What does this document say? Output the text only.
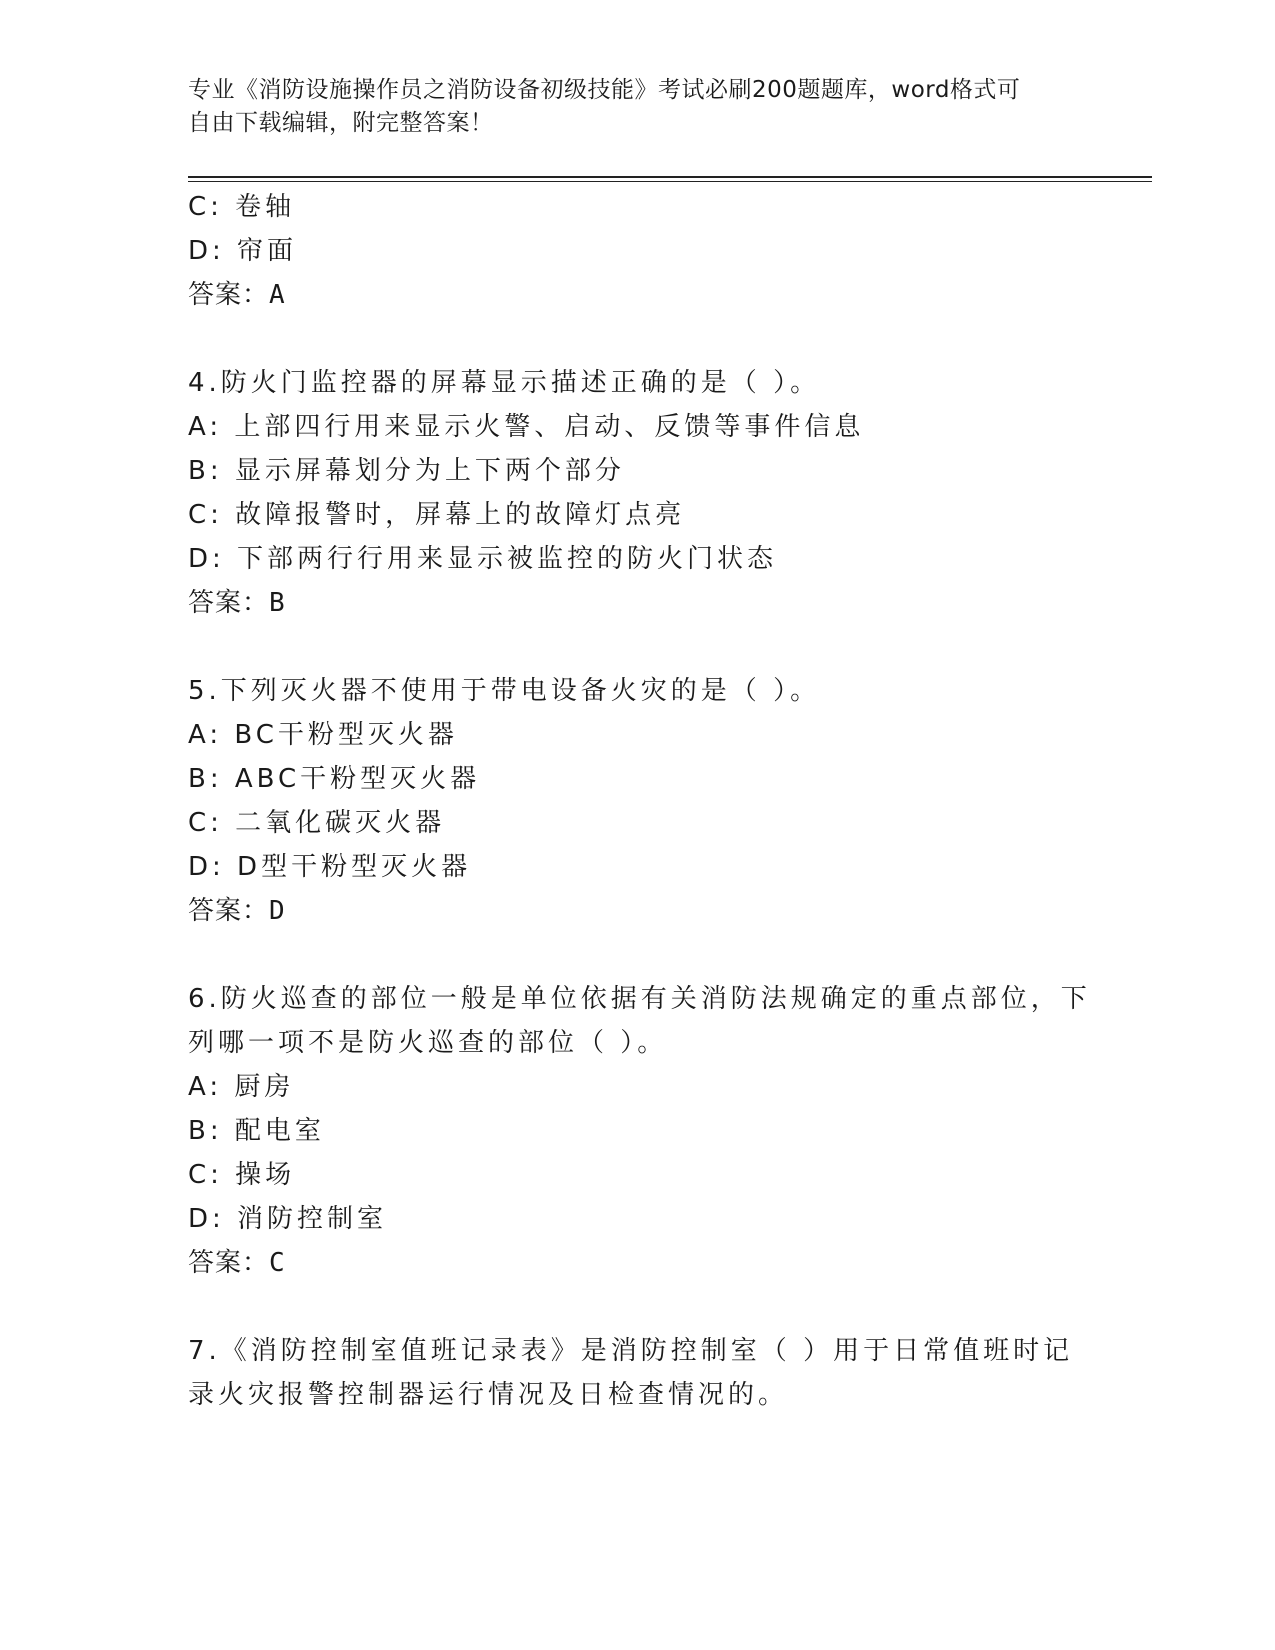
专业《消防设施操作员之消防设备初级技能》考试必刷200题题库，word格式可
自由下载编辑，附完整答案！
C: 卷轴
D: 帘面
答案：A
4.防火门监控器的屏幕显示描述正确的是（ ）。
A: 上部四行用来显示火警、启动、反馈等事件信息
B: 显示屏幕划分为上下两个部分
C: 故障报警时，屏幕上的故障灯点亮
D: 下部两行行用来显示被监控的防火门状态
答案：B
5.下列灭火器不使用于带电设备火灾的是（ ）。
A: BC干粉型灭火器
B: ABC干粉型灭火器
C: 二氧化碳灭火器
D: D型干粉型灭火器
答案：D
6.防火巡查的部位一般是单位依据有关消防法规确定的重点部位，下
列哪一项不是防火巡查的部位（ ）。
A: 厨房
B: 配电室
C: 操场
D: 消防控制室
答案：C
7.《消防控制室值班记录表》是消防控制室（ ）用于日常值班时记
录火灾报警控制器运行情况及日检查情况的。
